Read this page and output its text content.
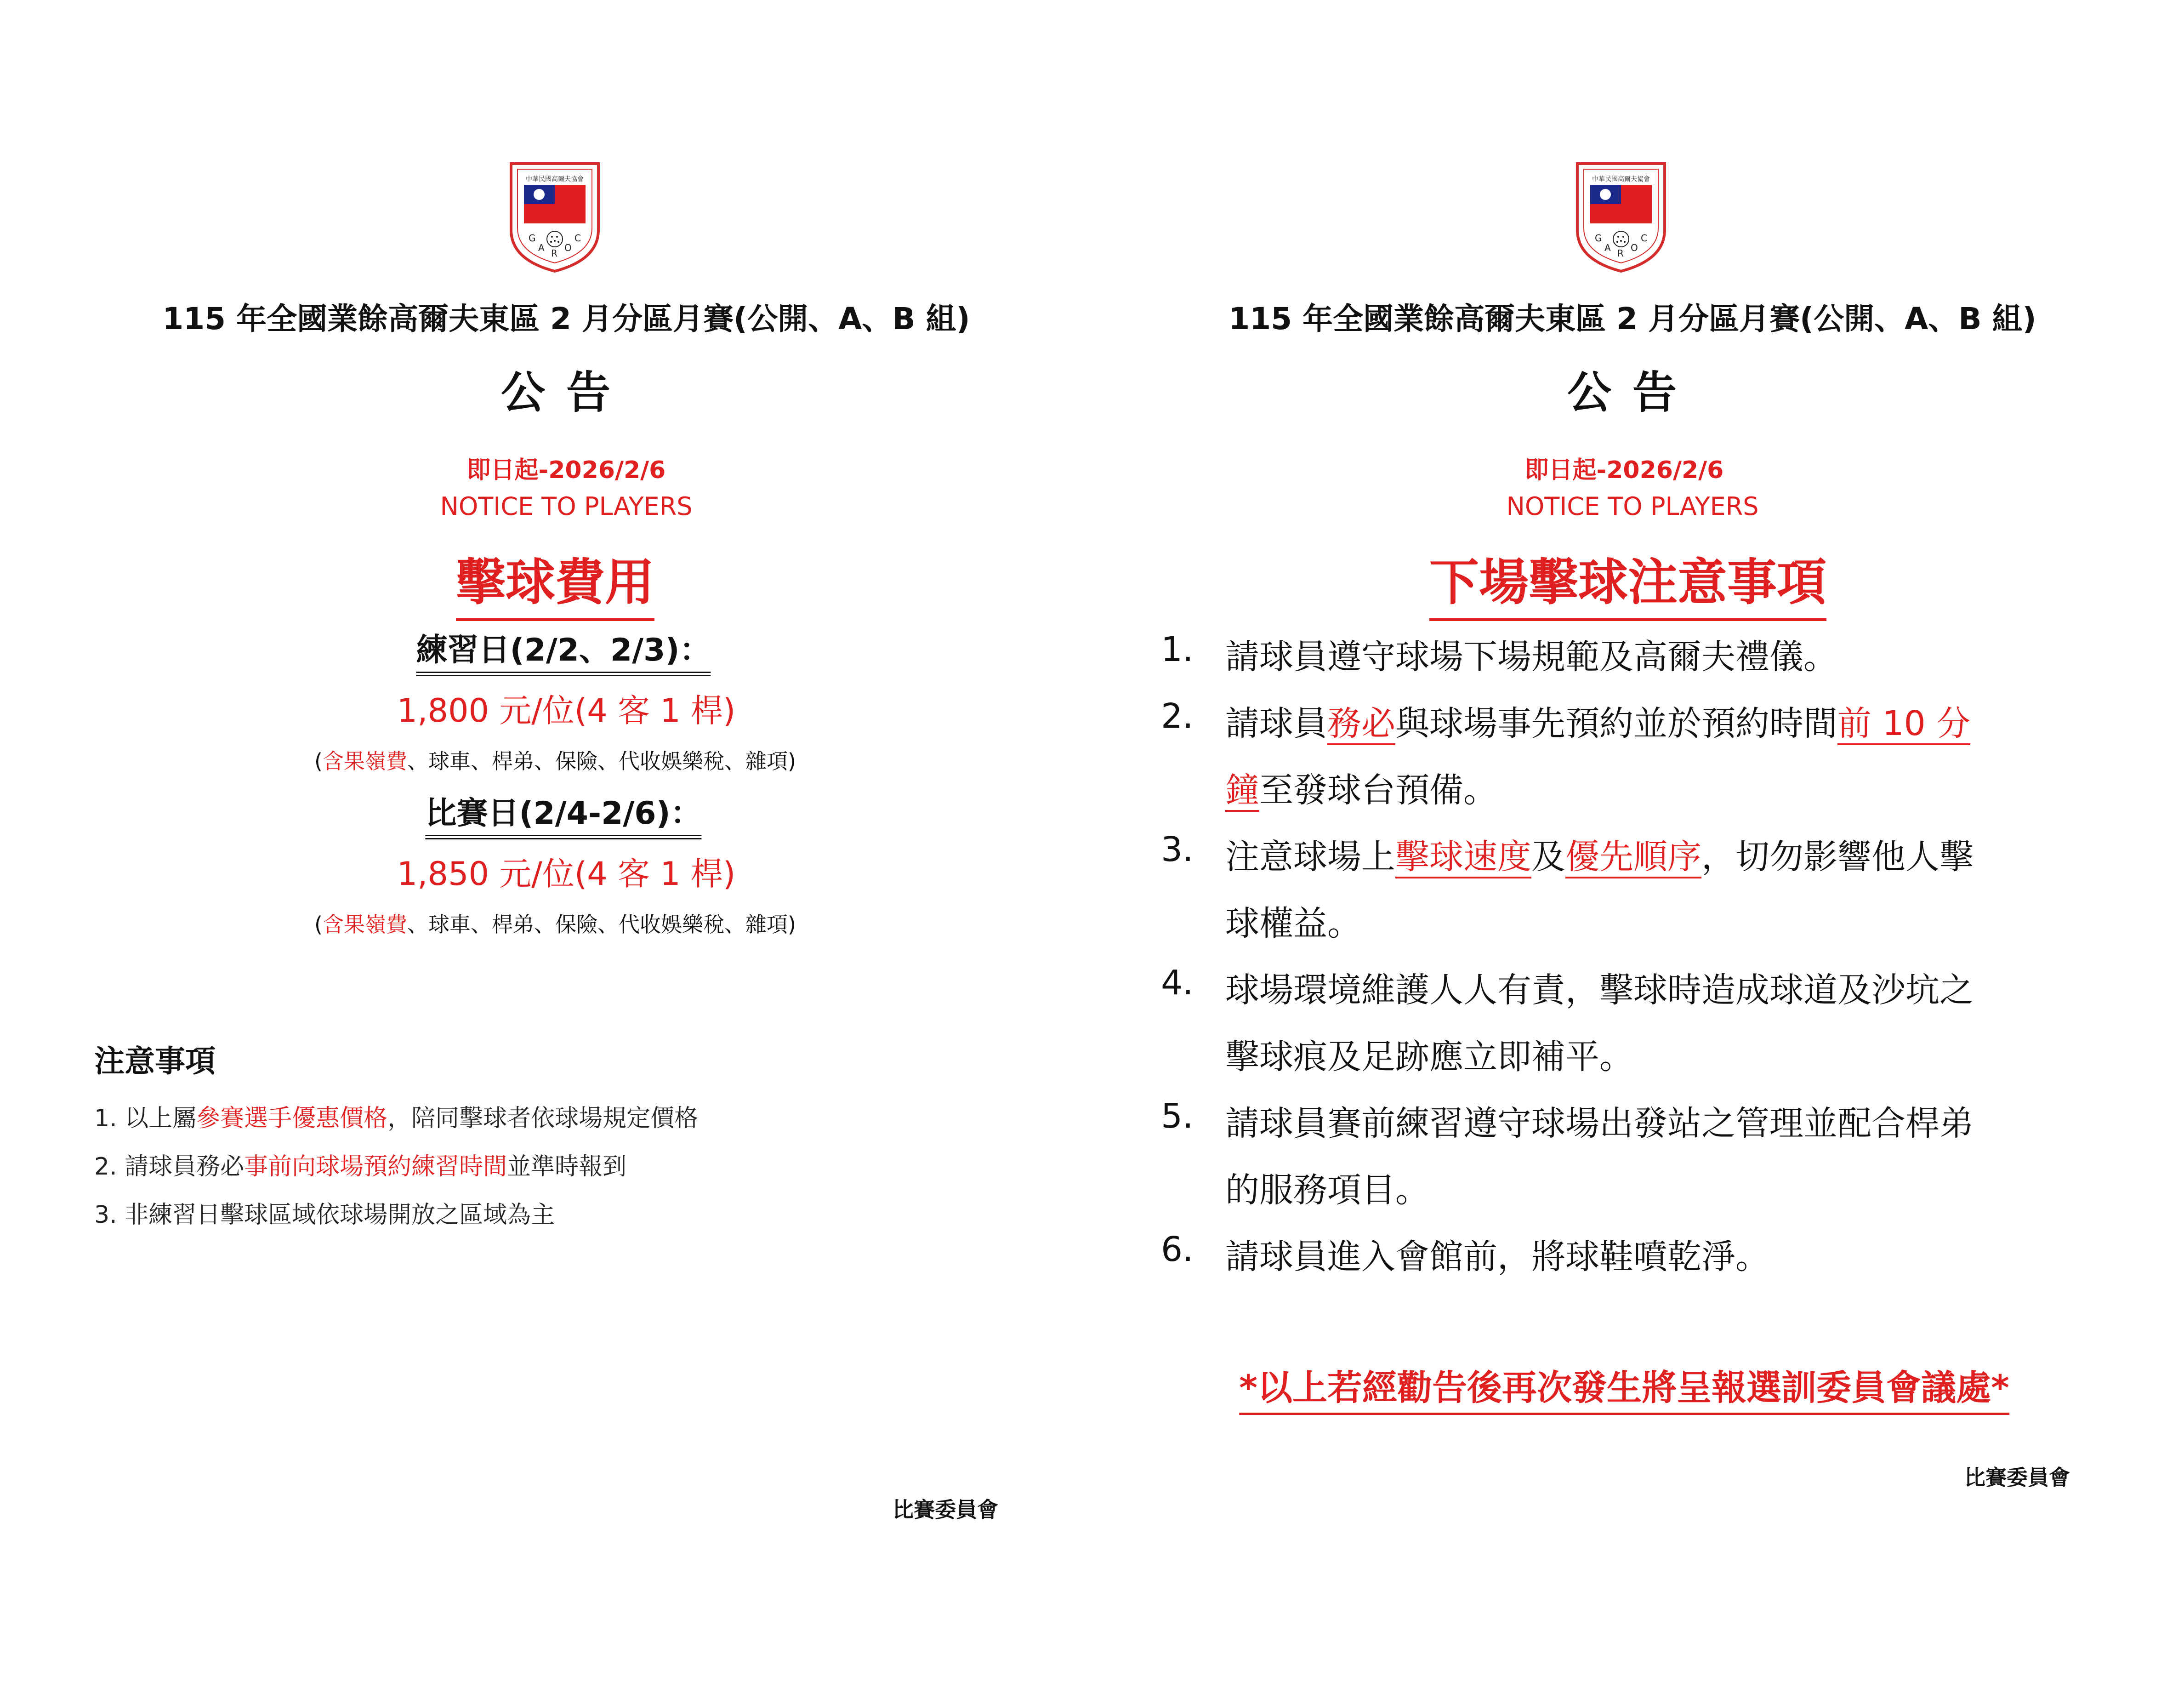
中華民國高爾夫協會
G
A R O
C
115 年全國業餘高爾夫東區 2 月分區月賽(公開、A、B 組)
公告
即日起-2026/2/6
NOTICE TO PLAYERS
擊球費用
練習日(2/2、2/3)：
1,800 元/位(4 客 1 桿)
(含果嶺費、球車、桿弟、保險、代收娛樂稅、雜項)
比賽日(2/4-2/6)：
1,850 元/位(4 客 1 桿)
(含果嶺費、球車、桿弟、保險、代收娛樂稅、雜項)
注意事項
1. 以上屬參賽選手優惠價格，陪同擊球者依球場規定價格
2. 請球員務必事前向球場預約練習時間並準時報到
3. 非練習日擊球區域依球場開放之區域為主
比賽委員會
中華民國高爾夫協會
G
A R O
C
115 年全國業餘高爾夫東區 2 月分區月賽(公開、A、B 組)
公告
即日起-2026/2/6
NOTICE TO PLAYERS
下場擊球注意事項
1. 請球員遵守球場下場規範及高爾夫禮儀。
2. 請球員務必與球場事先預約並於預約時間前 10 分
鐘至發球台預備。
3. 注意球場上擊球速度及優先順序，切勿影響他人擊
球權益。
4. 球場環境維護人人有責，擊球時造成球道及沙坑之
擊球痕及足跡應立即補平。
5. 請球員賽前練習遵守球場出發站之管理並配合桿弟
的服務項目。
6. 請球員進入會館前，將球鞋噴乾淨。
*以上若經勸告後再次發生將呈報選訓委員會議處*
比賽委員會
